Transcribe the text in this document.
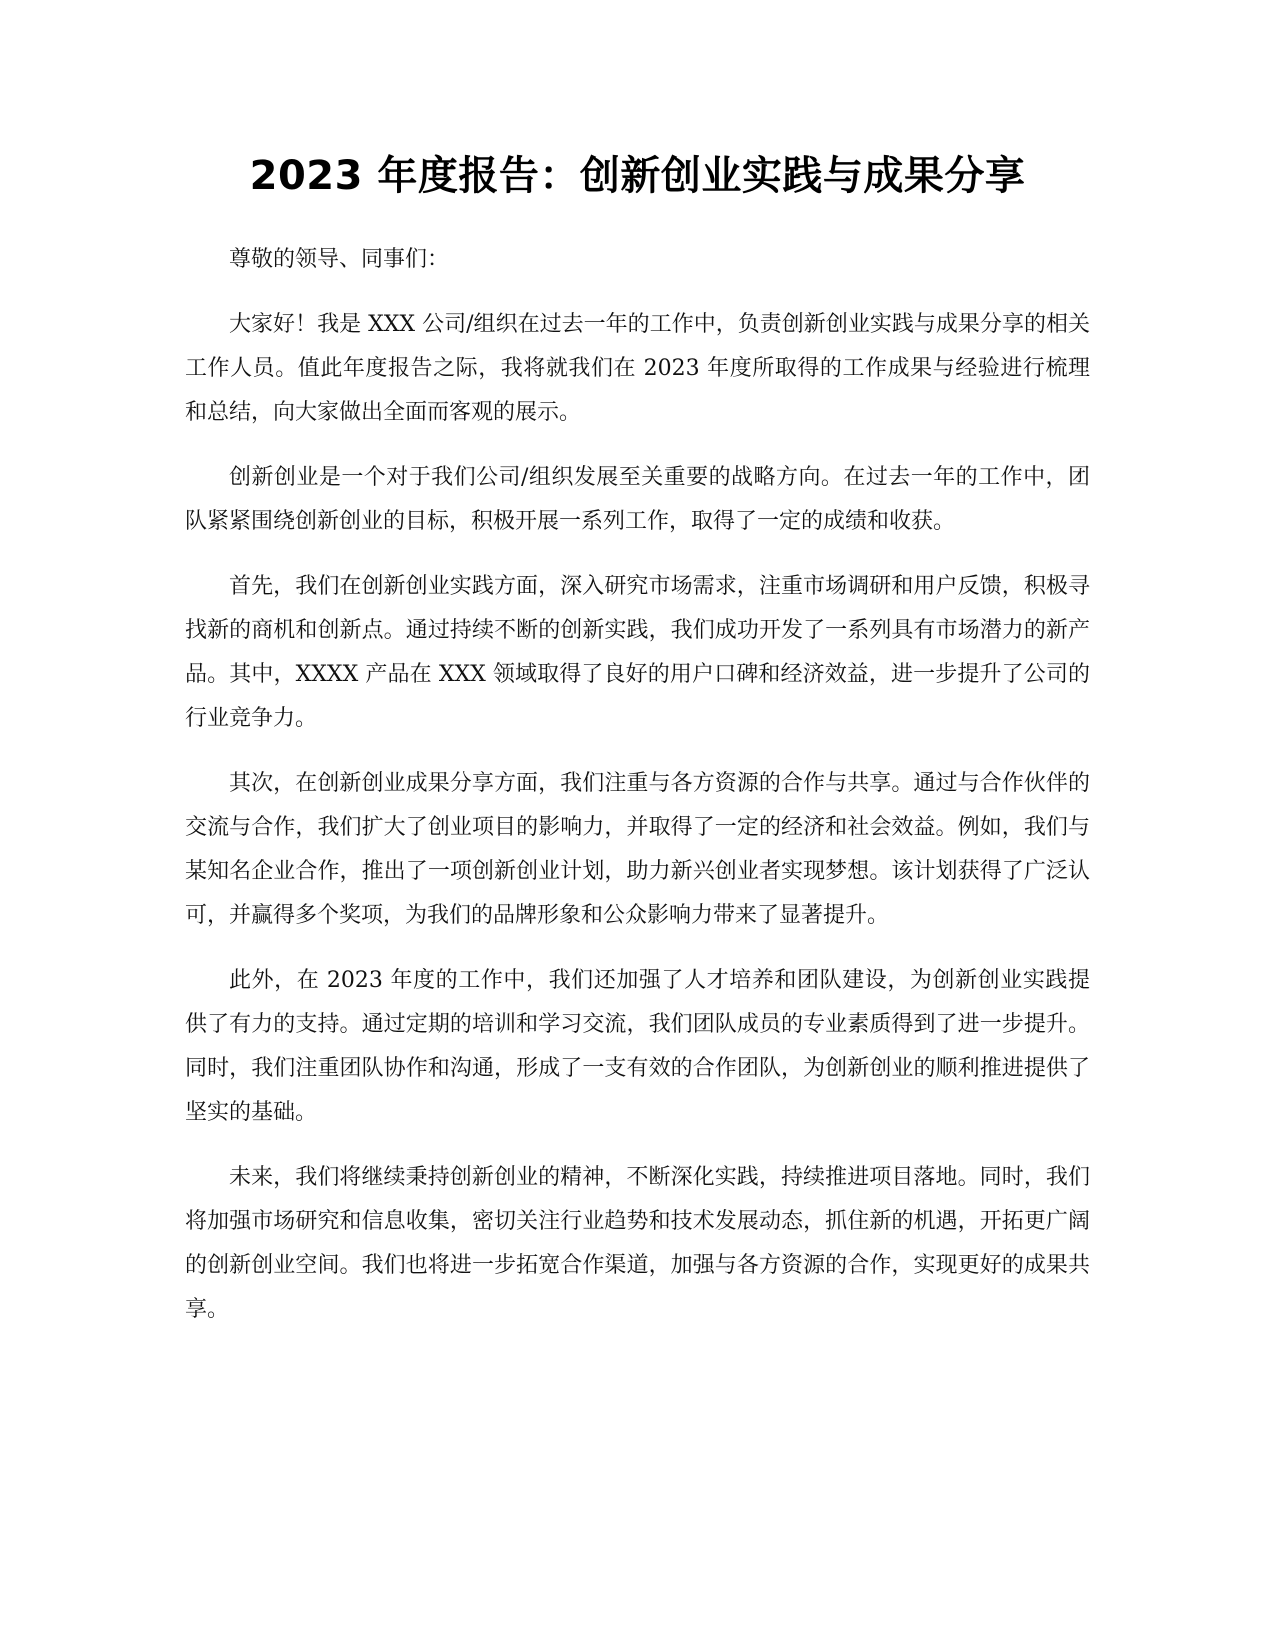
2023 年度报告：创新创业实践与成果分享

尊敬的领导、同事们：

大家好！我是 XXX 公司/组织在过去一年的工作中，负责创新创业实践与成果分享的相关工作人员。值此年度报告之际，我将就我们在 2023 年度所取得的工作成果与经验进行梳理和总结，向大家做出全面而客观的展示。

创新创业是一个对于我们公司/组织发展至关重要的战略方向。在过去一年的工作中，团队紧紧围绕创新创业的目标，积极开展一系列工作，取得了一定的成绩和收获。

首先，我们在创新创业实践方面，深入研究市场需求，注重市场调研和用户反馈，积极寻找新的商机和创新点。通过持续不断的创新实践，我们成功开发了一系列具有市场潜力的新产品。其中，XXXX 产品在 XXX 领域取得了良好的用户口碑和经济效益，进一步提升了公司的行业竞争力。

其次，在创新创业成果分享方面，我们注重与各方资源的合作与共享。通过与合作伙伴的交流与合作，我们扩大了创业项目的影响力，并取得了一定的经济和社会效益。例如，我们与某知名企业合作，推出了一项创新创业计划，助力新兴创业者实现梦想。该计划获得了广泛认可，并赢得多个奖项，为我们的品牌形象和公众影响力带来了显著提升。

此外，在 2023 年度的工作中，我们还加强了人才培养和团队建设，为创新创业实践提供了有力的支持。通过定期的培训和学习交流，我们团队成员的专业素质得到了进一步提升。同时，我们注重团队协作和沟通，形成了一支有效的合作团队，为创新创业的顺利推进提供了坚实的基础。

未来，我们将继续秉持创新创业的精神，不断深化实践，持续推进项目落地。同时，我们将加强市场研究和信息收集，密切关注行业趋势和技术发展动态，抓住新的机遇，开拓更广阔的创新创业空间。我们也将进一步拓宽合作渠道，加强与各方资源的合作，实现更好的成果共享。
